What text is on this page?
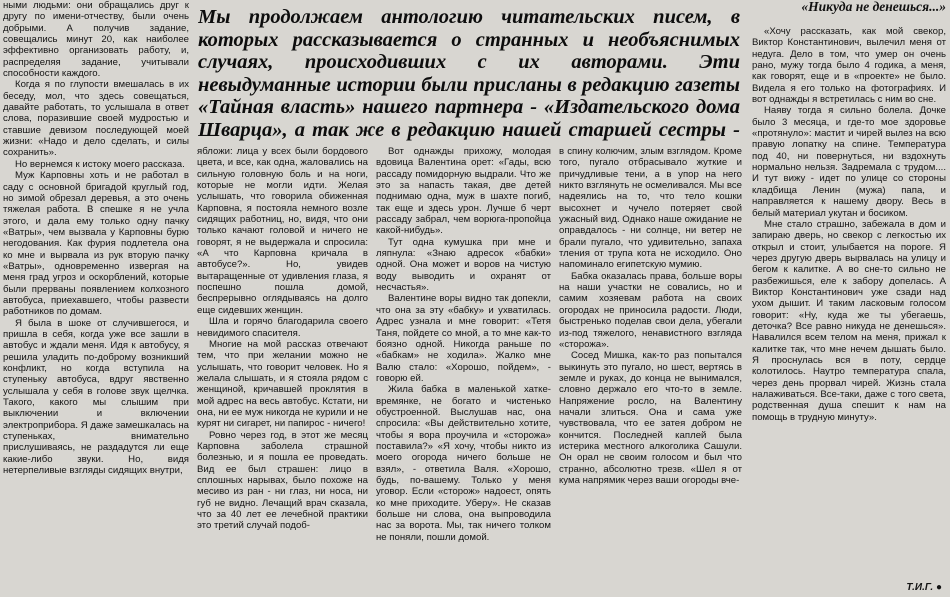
Мы продолжаем антологию читательских писем, в которых рассказывается о странных и необъяснимых случаях, происходивших с их авторами. Эти невыдуманные истории были присланы в редакцию газеты «Тайная власть» нашего партнера - «Издательского дома Шварца», а так же в редакцию нашей старшей сестры -
«Никуда не денешься...»

ными людьми: они обращались друг к другу по имени-отчеству, были очень добрыми. А получив задание, совещались минут 20, как наиболее эффективно организовать работу, и, распределяя задание, учитывали способности каждого.

Когда я по глупости вмешалась в их беседу, мол, что здесь совещаться, давайте работать, то услышала в ответ слова, поразившие своей мудростью и ставшие девизом последующей моей жизни: «Надо и дело сделать, и силы сохранить».

Но вернемся к истоку моего рассказа.

Муж Карповны хоть и не работал в саду с основной бригадой круглый год, но зимой обрезал деревья, а это очень тяжелая работа. В спешке я не учла этого, и дала ему только одну пачку «Ватры», чем вызвала у Карповны бурю негодования. Как фурия подлетела она ко мне и вырвала из рук вторую пачку «Ватры», одновременно извергая на меня град угроз и оскорблений, которые были прерваны появлением колхозного автобуса, приехавшего, чтобы развести работников по домам.

Я была в шоке от случившегося, и пришла в себя, когда уже все зашли в автобус и ждали меня. Идя к автобусу, я решила уладить по-доброму возникший конфликт, но когда вступила на ступеньку автобуса, вдруг явственно услышала у себя в голове звук щелчка. Такого, какого мы слышим при выключении и включении электроприбора. Я даже замешкалась на ступеньках, внимательно прислушиваясь, не раздадутся ли еще какие-либо звуки. Но, видя нетерпеливые взгляды сидящих внутри,

ябложи: лица у всех были бордового цвета, и все, как одна, жаловались на сильную головную боль и на ноги, которые не могли идти. Желая услышать, что говорила обиженная Карповна, я постояла немного возле сидящих работниц, но, видя, что они только качают головой и ничего не говорят, я не выдержала и спросила: «А что Карповна кричала в автобусе?». Но, увидев вытаращенные от удивления глаза, я поспешно пошла домой, беспрерывно оглядываясь на долго еще сидевших женщин.

Шла и горячо благодарила своего невидимого спасителя.

Многие на мой рассказ отвечают тем, что при желании можно не услышать, что говорит человек. Но я желала слышать, и я стояла рядом с женщиной, кричавшей проклятия в мой адрес на весь автобус. Кстати, ни она, ни ее муж никогда не курили и не курят ни сигарет, ни папирос - ничего!

Ровно через год, в этот же месяц Карповна заболела страшной болезнью, и я пошла ее проведать. Вид ее был страшен: лицо в сплошных нарывах, было похоже на месиво из ран - ни глаз, ни носа, ни губ не видно. Лечащий врач сказала, что за 40 лет ее лечебной практики это третий случай подоб-

Вот однажды прихожу, молодая вдовица Валентина орет: «Гады, всю рассаду помидорную выдрали. Что же это за напасть такая, две детей поднимаю одна, муж в шахте погиб, так еще и здесь урон. Лучше б черт рассаду забрал, чем ворюга-пропойца какой-нибудь».

Тут одна кумушка при мне и ляпнула: «Знаю адресок «бабки» одной. Она может и воров на чистую воду выводить и охранят от несчастья».

Валентине воры видно так допекли, что она за эту «бабку» и ухватилась. Адрес узнала и мне говорит: «Тетя Таня, пойдете со мной, а то мне как-то боязно одной. Никогда раньше по «бабкам» не ходила». Жалко мне Валю стало: «Хорошо, пойдем», - говорю ей.

Жила бабка в маленькой хатке-времянке, не богато и чистенько обустроенной. Выслушав нас, она спросила: «Вы действительно хотите, чтобы я вора проучила и «сторожа» поставила?» «Я хочу, чтобы никто из моего огорода ничего больше не взял», - ответила Валя. «Хорошо, будь, по-вашему. Только у меня уговор. Если «сторож» надоест, опять ко мне приходите. Уберу». Не сказав больше ни слова, она выпроводила нас за ворота. Мы, так ничего толком не поняли, пошли домой.

в спину колючим, злым взглядом. Кроме того, пугало отбрасывало жуткие и причудливые тени, а в упор на него никто взглянуть не осмеливался. Мы все надеялись на то, что тело кошки высохнет и чучело потеряет свой ужасный вид. Однако наше ожидание не оправдалось - ни солнце, ни ветер не брали пугало, что удивительно, запаха тления от трупа кота не исходило. Оно напоминало египетскую мумию.

Бабка оказалась права, больше воры на наши участки не совались, но и самим хозяевам работа на своих огородах не приносила радости. Люди, быстренько поделав свои дела, убегали из-под тяжелого, ненавистного взгляда «сторожа».

Сосед Мишка, как-то раз попытался выкинуть это пугало, но шест, вертясь в земле и руках, до конца не вынимался, словно держало его что-то в земле. Напряжение росло, на Валентину начали злиться. Она и сама уже чувствовала, что ее затея добром не кончится. Последней каплей была истерика местного алкоголика Сашули. Он орал не своим голосом и был что странно, абсолютно трезв. «Шел я от кума напрямик через ваши огороды вче-

«Хочу рассказать, как мой свекор, Виктор Константинович, вылечил меня от недуга. Дело в том, что умер он очень рано, мужу тогда было 4 годика, а меня, как говорят, еще и в «проекте» не было. Видела я его только на фотографиях. И вот однажды я встретилась с ним во сне.

Наяву тогда я сильно болела. Дочке было 3 месяца, и где-то мое здоровье «протянуло»: мастит и чирей вылез на всю правую лопатку на спине. Температура под 40, ни повернуться, ни вздохнуть нормально нельзя. Задремала с трудом.... И тут вижу - идет по улице со стороны кладбища Ленин (мужа) папа, и направляется к нашему двору. Весь в белый материал укутан и босиком.

Мне стало страшно, забежала в дом и запираю дверь, но свекор с легкостью их открыл и стоит, улыбается на пороге. Я через другую дверь вырвалась на улицу и бегом к калитке. А во сне-то сильно не разбежишься, еле к забору допелась. А Виктор Константинович уже сзади над ухом дышит. И таким ласковым голосом говорит: «Ну, куда же ты убегаешь, деточка? Все равно никуда не денешься». Навалился всем телом на меня, прижал к калитке так, что мне нечем дышать было. Я проснулась вся в поту, сердце колотилось. Наутро температура спала, через день прорвал чирей. Жизнь стала налаживаться. Все-таки, даже с того света, родственная душа спешит к нам на помощь в трудную минуту».

Т.И.Г. ●
